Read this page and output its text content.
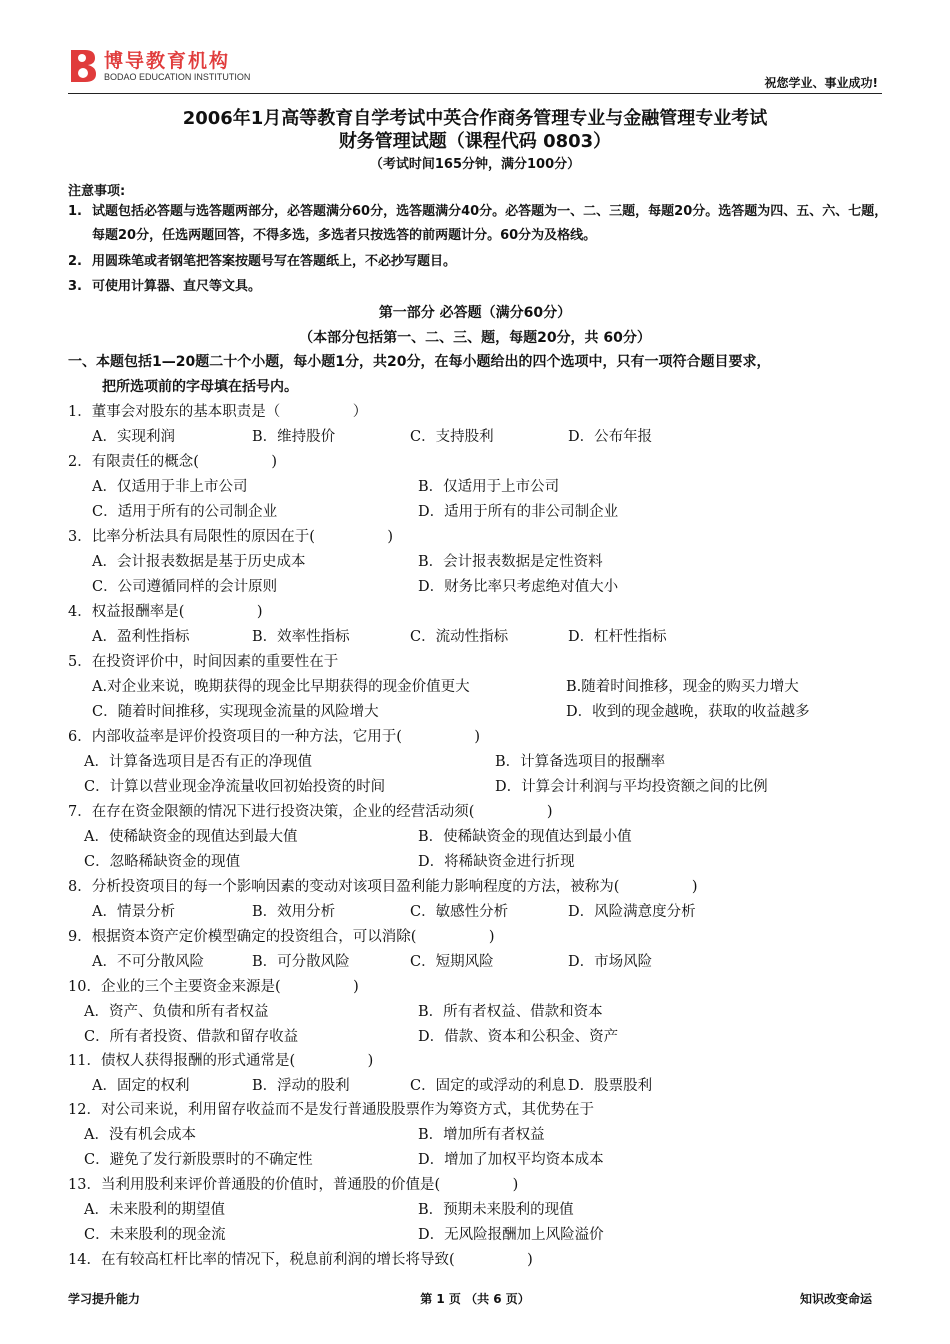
博导教育机构
BODAO EDUCATION INSTITUTION	祝您学业、事业成功!
2006年1月高等教育自学考试中英合作商务管理专业与金融管理专业考试
财务管理试题（课程代码 0803）
（考试时间165分钟，满分100分）
注意事项:
1. 试题包括必答题与选答题两部分，必答题满分60分，选答题满分40分。必答题为一、二、三题，每题20分。选答题为四、五、六、七题，每题20分，任选两题回答，不得多选，多选者只按选答的前两题计分。60分为及格线。
2. 用圆珠笔或者钢笔把答案按题号写在答题纸上，不必抄写题目。
3. 可使用计算器、直尺等文具。
第一部分 必答题（满分60分）
（本部分包括第一、二、三、题，每题20分，共 60分）
一、本题包括1—20题二十个小题，每小题1分，共20分，在每小题给出的四个选项中，只有一项符合题目要求，
把所选项前的字母填在括号内。
1．董事会对股东的基本职责是（　　　　　）
A．实现利润	B．维持股价	C．支持股利	D．公布年报
2．有限责任的概念(　　　　　)
A．仅适用于非上市公司	B．仅适用于上市公司
C．适用于所有的公司制企业	D．适用于所有的非公司制企业
3．比率分析法具有局限性的原因在于(　　　　　)
A．会计报表数据是基于历史成本	B．会计报表数据是定性资料
C．公司遵循同样的会计原则	D．财务比率只考虑绝对值大小
4．权益报酬率是(　　　　　)
A．盈利性指标	B．效率性指标	C．流动性指标	D．杠杆性指标
5．在投资评价中，时间因素的重要性在于
A.对企业来说，晚期获得的现金比早期获得的现金价值更大	B.随着时间推移，现金的购买力增大
C．随着时间推移，实现现金流量的风险增大	D．收到的现金越晚，获取的收益越多
6．内部收益率是评价投资项目的一种方法，它用于(　　　　　)
A．计算备选项目是否有正的净现值	B．计算备选项目的报酬率
C．计算以营业现金净流量收回初始投资的时间	D．计算会计利润与平均投资额之间的比例
7．在存在资金限额的情况下进行投资决策，企业的经营活动须(　　　　　)
A．使稀缺资金的现值达到最大值	B．使稀缺资金的现值达到最小值
C．忽略稀缺资金的现值	D．将稀缺资金进行折现
8．分析投资项目的每一个影响因素的变动对该项目盈利能力影响程度的方法，被称为(　　　　　)
A．情景分析	B．效用分析	C．敏感性分析	D．风险满意度分析
9．根据资本资产定价模型确定的投资组合，可以消除(　　　　　)
A．不可分散风险	B．可分散风险	C．短期风险	D．市场风险
10．企业的三个主要资金来源是(　　　　　)
A．资产、负债和所有者权益	B．所有者权益、借款和资本
C．所有者投资、借款和留存收益	D．借款、资本和公积金、资产
11．债权人获得报酬的形式通常是(　　　　　)
A．固定的权利	B．浮动的股利	C．固定的或浮动的利息 D．股票股利
12．对公司来说，利用留存收益而不是发行普通股股票作为筹资方式，其优势在于
A．没有机会成本	B．增加所有者权益
C．避免了发行新股票时的不确定性	D．增加了加权平均资本成本
13．当利用股利来评价普通股的价值时，普通股的价值是(　　　　　)
A．未来股利的期望值	B．预期未来股利的现值
C．未来股利的现金流	D．无风险报酬加上风险溢价
14．在有较高杠杆比率的情况下，税息前利润的增长将导致(　　　　　)
学习提升能力	第 1 页 （共 6 页）	知识改变命运
